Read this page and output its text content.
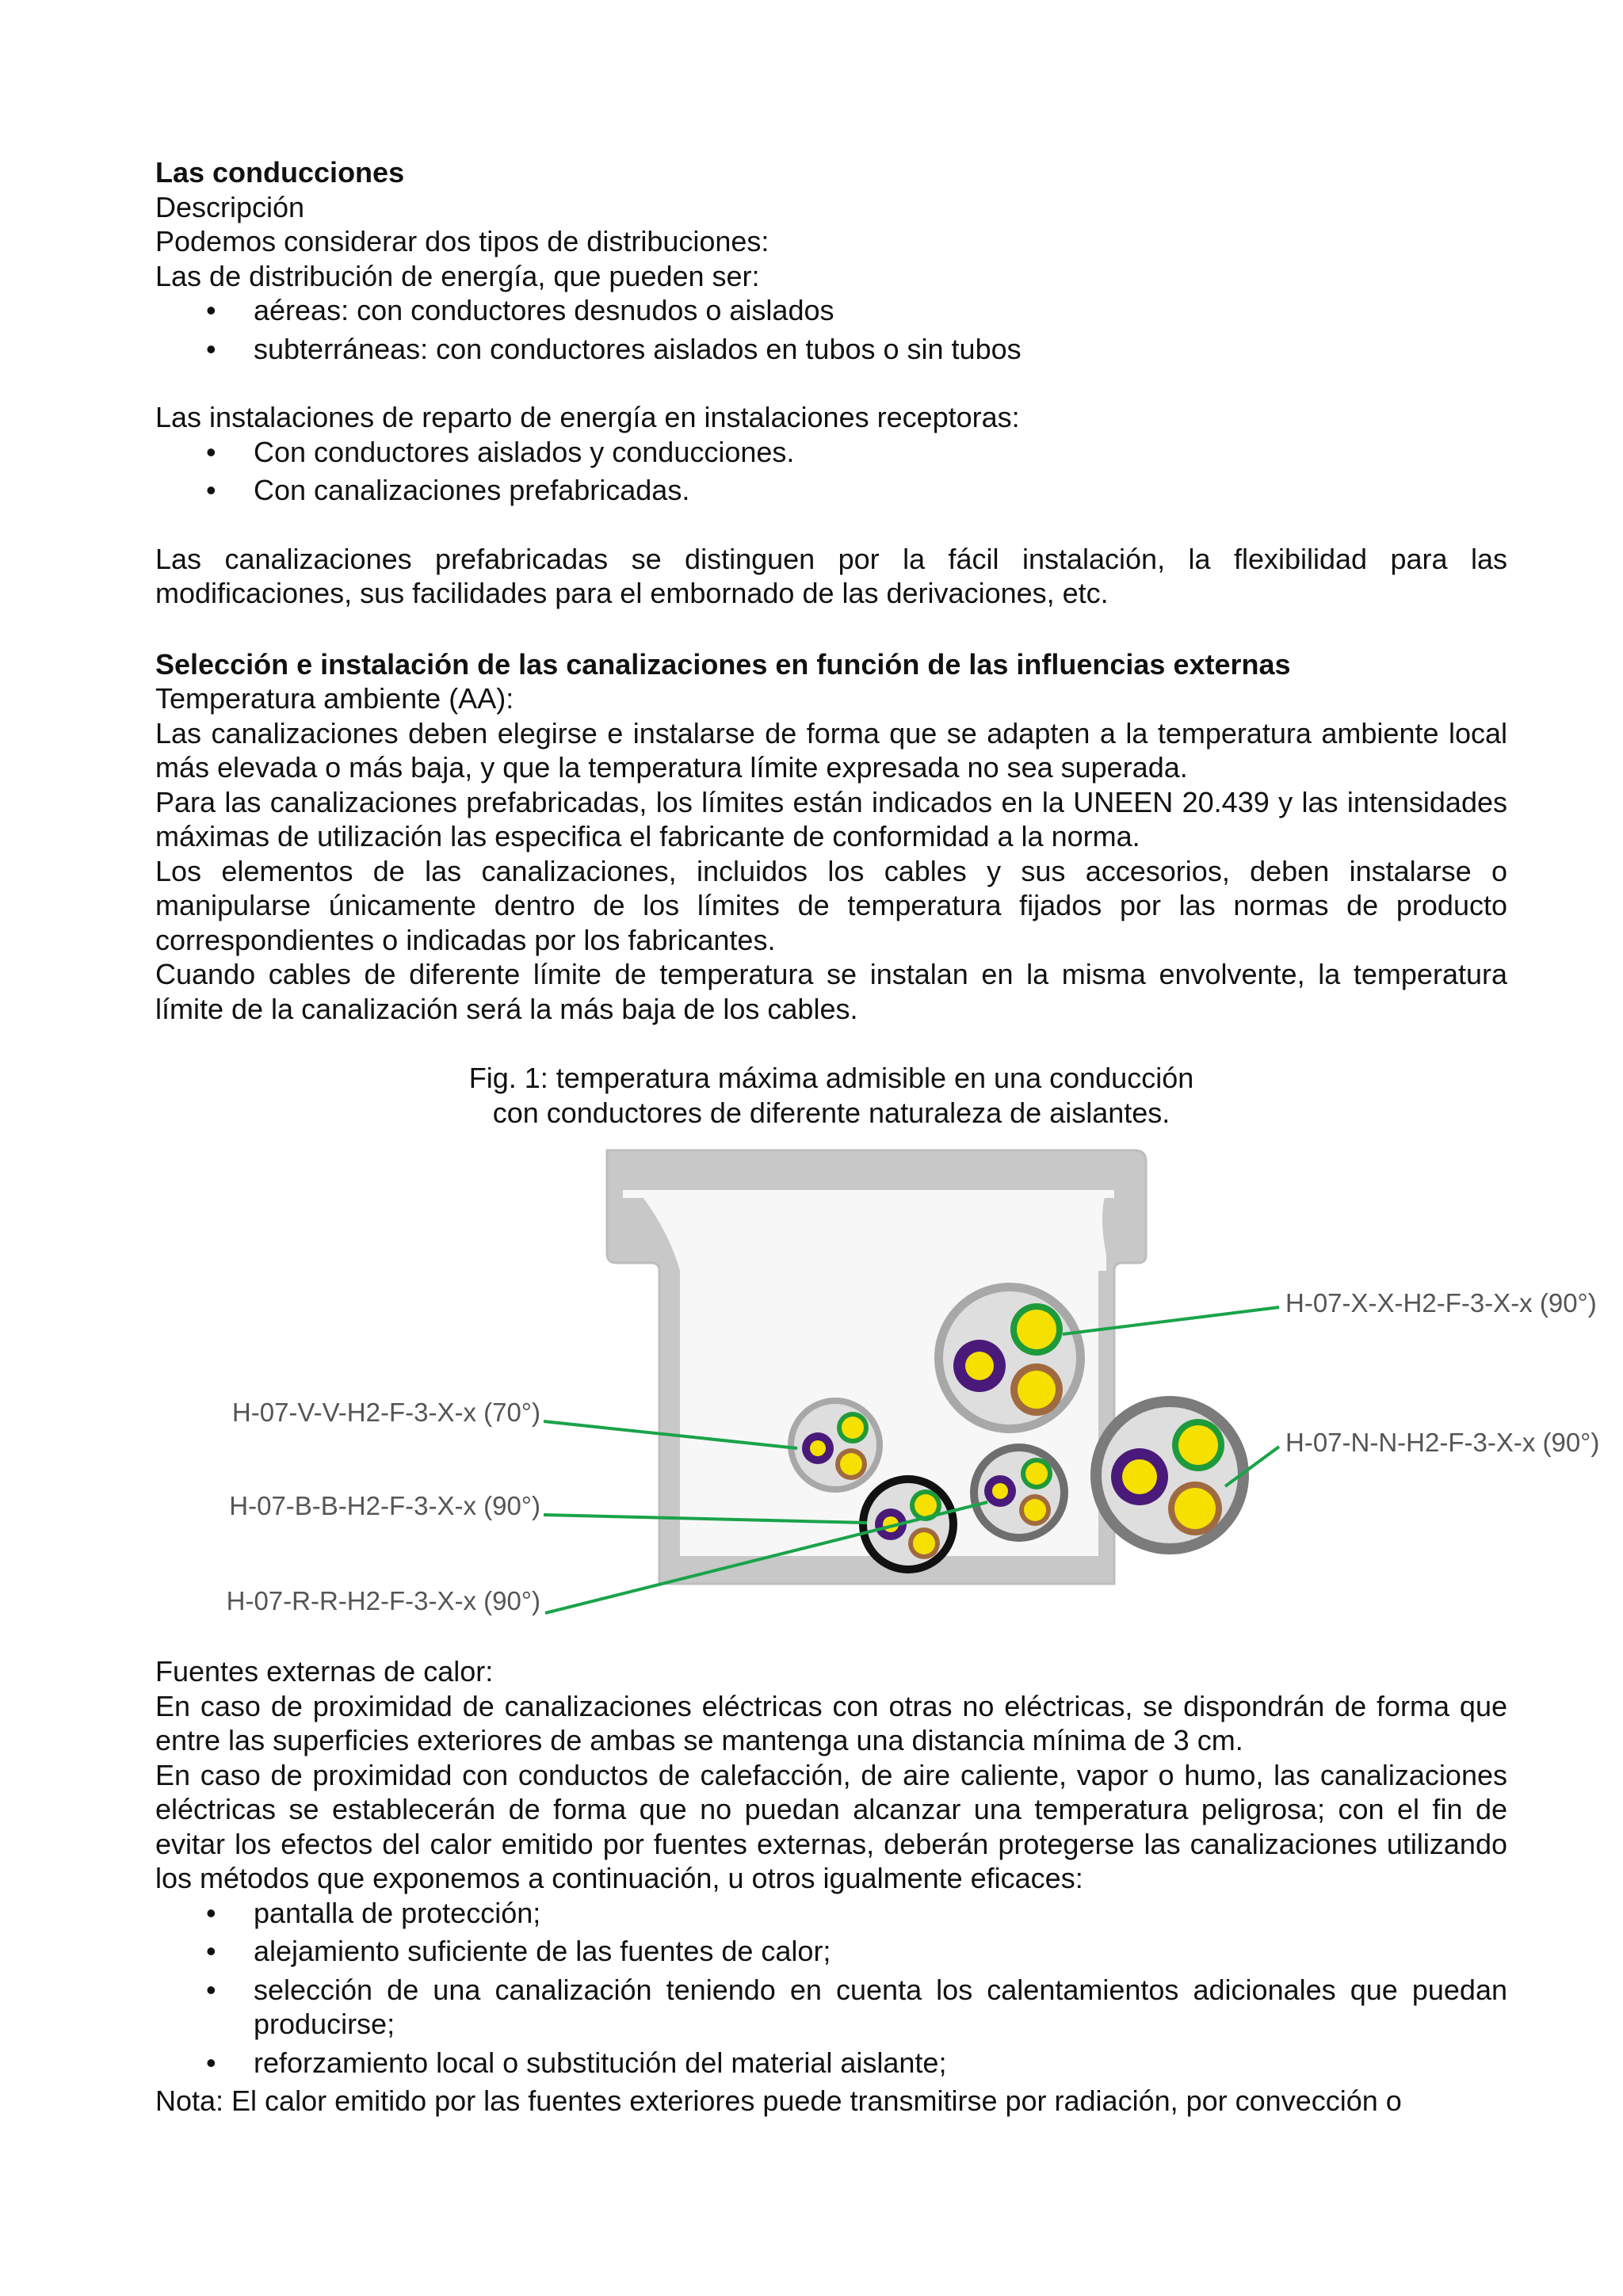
Las conducciones

Descripción

Podemos considerar dos tipos de distribuciones:

Las de distribución de energía, que pueden ser:

• aéreas: con conductores desnudos o aislados
• subterráneas: con conductores aislados en tubos o sin tubos

Las instalaciones de reparto de energía en instalaciones receptoras:

• Con conductores aislados y conducciones.
• Con canalizaciones prefabricadas.

Las canalizaciones prefabricadas se distinguen por la fácil instalación, la flexibilidad para las modificaciones, sus facilidades para el embornado de las derivaciones, etc.

Selección e instalación de las canalizaciones en función de las influencias externas

Temperatura ambiente (AA):

Las canalizaciones deben elegirse e instalarse de forma que se adapten a la temperatura ambiente local más elevada o más baja, y que la temperatura límite expresada no sea superada.

Para las canalizaciones prefabricadas, los límites están indicados en la UNEEN 20.439 y las intensidades máximas de utilización las especifica el fabricante de conformidad a la norma.

Los elementos de las canalizaciones, incluidos los cables y sus accesorios, deben instalarse o manipularse únicamente dentro de los límites de temperatura fijados por las normas de producto correspondientes o indicadas por los fabricantes.

Cuando cables de diferente límite de temperatura se instalan en la misma envolvente, la temperatura límite de la canalización será la más baja de los cables.

Fig. 1: temperatura máxima admisible en una conducción

con conductores de diferente naturaleza de aislantes.

H-07-V-V-H2-F-3-X-x (70°)
H-07-B-B-H2-F-3-X-x (90°)
H-07-R-R-H2-F-3-X-x (90°)
H-07-X-X-H2-F-3-X-x (90°)
H-07-N-N-H2-F-3-X-x (90°)

Fuentes externas de calor:

En caso de proximidad de canalizaciones eléctricas con otras no eléctricas, se dispondrán de forma que entre las superficies exteriores de ambas se mantenga una distancia mínima de 3 cm.

En caso de proximidad con conductos de calefacción, de aire caliente, vapor o humo, las canalizaciones eléctricas se establecerán de forma que no puedan alcanzar una temperatura peligrosa; con el fin de evitar los efectos del calor emitido por fuentes externas, deberán protegerse las canalizaciones utilizando los métodos que exponemos a continuación, u otros igualmente eficaces:

• pantalla de protección;
• alejamiento suficiente de las fuentes de calor;
• selección de una canalización teniendo en cuenta los calentamientos adicionales que puedan producirse;
• reforzamiento local o substitución del material aislante;

Nota: El calor emitido por las fuentes exteriores puede transmitirse por radiación, por convección o
